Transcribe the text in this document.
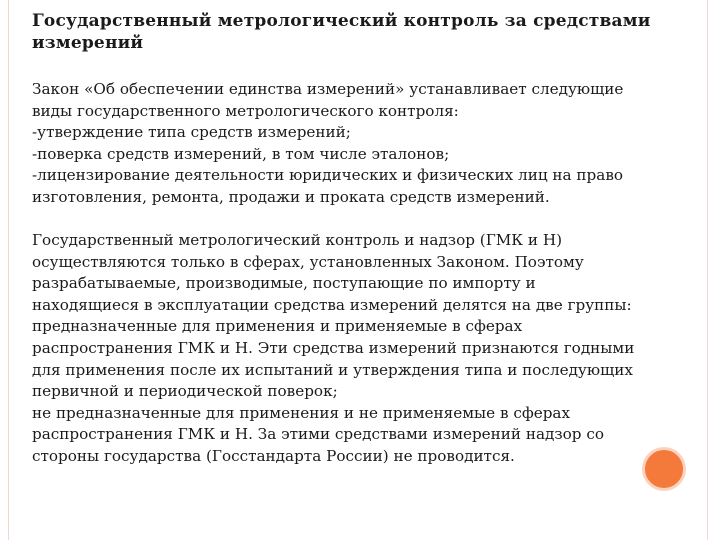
Государственный метрологический контроль за средствами
измерений
Закон «Об обеспечении единства измерений» устанавливает следующие
виды государственного метрологического контроля:
-утверждение типа средств измерений;
-поверка средств измерений, в том числе эталонов;
-лицензирование деятельности юридических и физических лиц на право
изготовления, ремонта, продажи и проката средств измерений.
Государственный метрологический контроль и надзор (ГМК и Н)
осуществляются только в сферах, установленных Законом. Поэтому
разрабатываемые, производимые, поступающие по импорту и
находящиеся в эксплуатации средства измерений делятся на две группы:
предназначенные для применения и применяемые в сферах
распространения ГМК и Н. Эти средства измерений признаются годными
для применения после их испытаний и утверждения типа и последующих
первичной и периодической поверок;
не предназначенные для применения и не применяемые в сферах
распространения ГМК и Н. За этими средствами измерений надзор со
стороны государства (Госстандарта России) не проводится.
